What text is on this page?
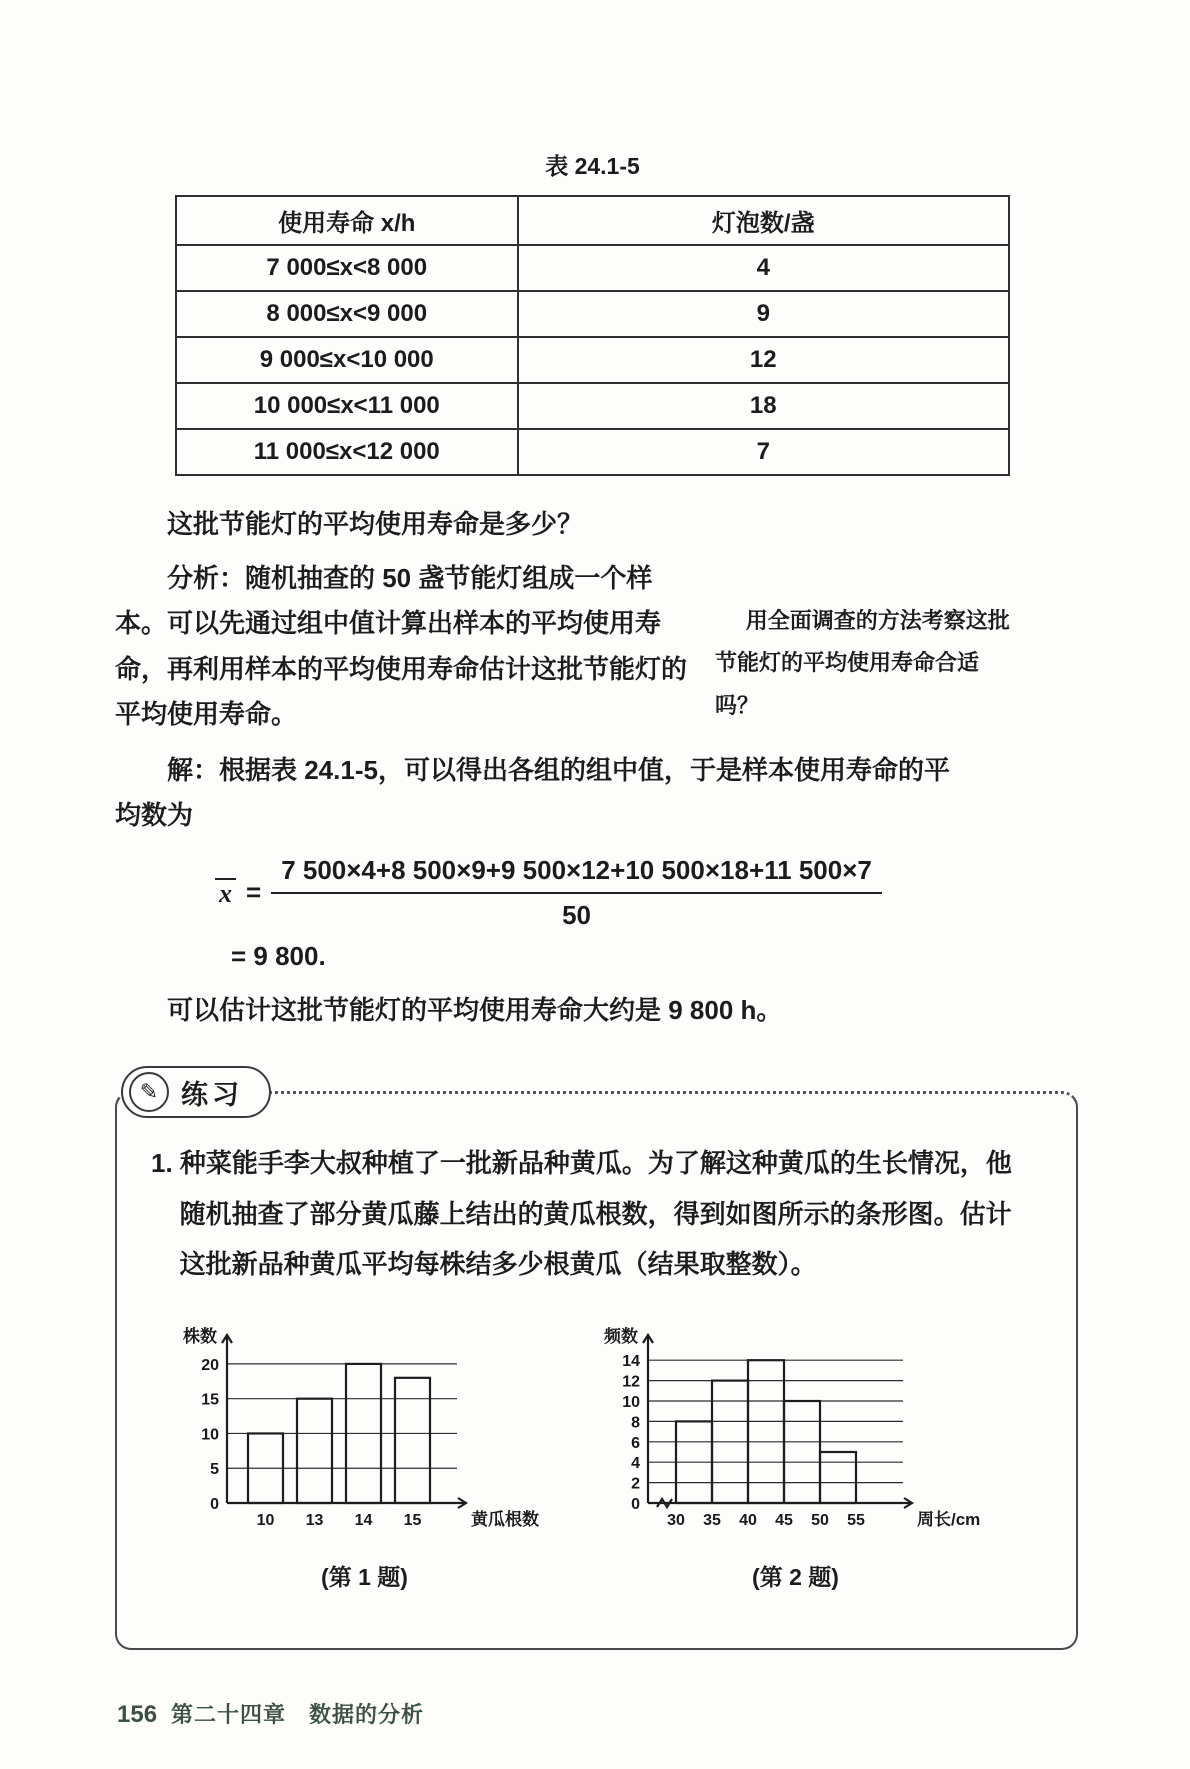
表 24.1-5
使用寿命 x/h	灯泡数/盏
7 000≤x<8 000	4
8 000≤x<9 000	9
9 000≤x<10 000	12
10 000≤x<11 000	18
11 000≤x<12 000	7

这批节能灯的平均使用寿命是多少？

分析：随机抽查的 50 盏节能灯组成一个样本。可以先通过组中值计算出样本的平均使用寿命，再利用样本的平均使用寿命估计这批节能灯的平均使用寿命。

用全面调查的方法考察这批节能灯的平均使用寿命合适吗？

解：根据表 24.1-5，可以得出各组的组中值，于是样本使用寿命的平均数为

$x = \frac{7 500\times 4+8 500\times 9+9 500\times 12+10 500\times 18+11 500\times 7}{50}$

= 9 800.

可以估计这批节能灯的平均使用寿命大约是 9 800 h。

✎ 练习

1. 种菜能手李大叔种植了一批新品种黄瓜。为了解这种黄瓜的生长情况，他随机抽查了部分黄瓜藤上结出的黄瓜根数，得到如图所示的条形图。估计这批新品种黄瓜平均每株结多少根黄瓜（结果取整数）。

10 13 14 15
0
5
10
15
20
株数
黄瓜根数
(第 1 题)
30 35 40 45 50 55
0
2
4
6
8
10
12
14
频数
周长/cm
(第 2 题)
156 第二十四章　数据的分析
